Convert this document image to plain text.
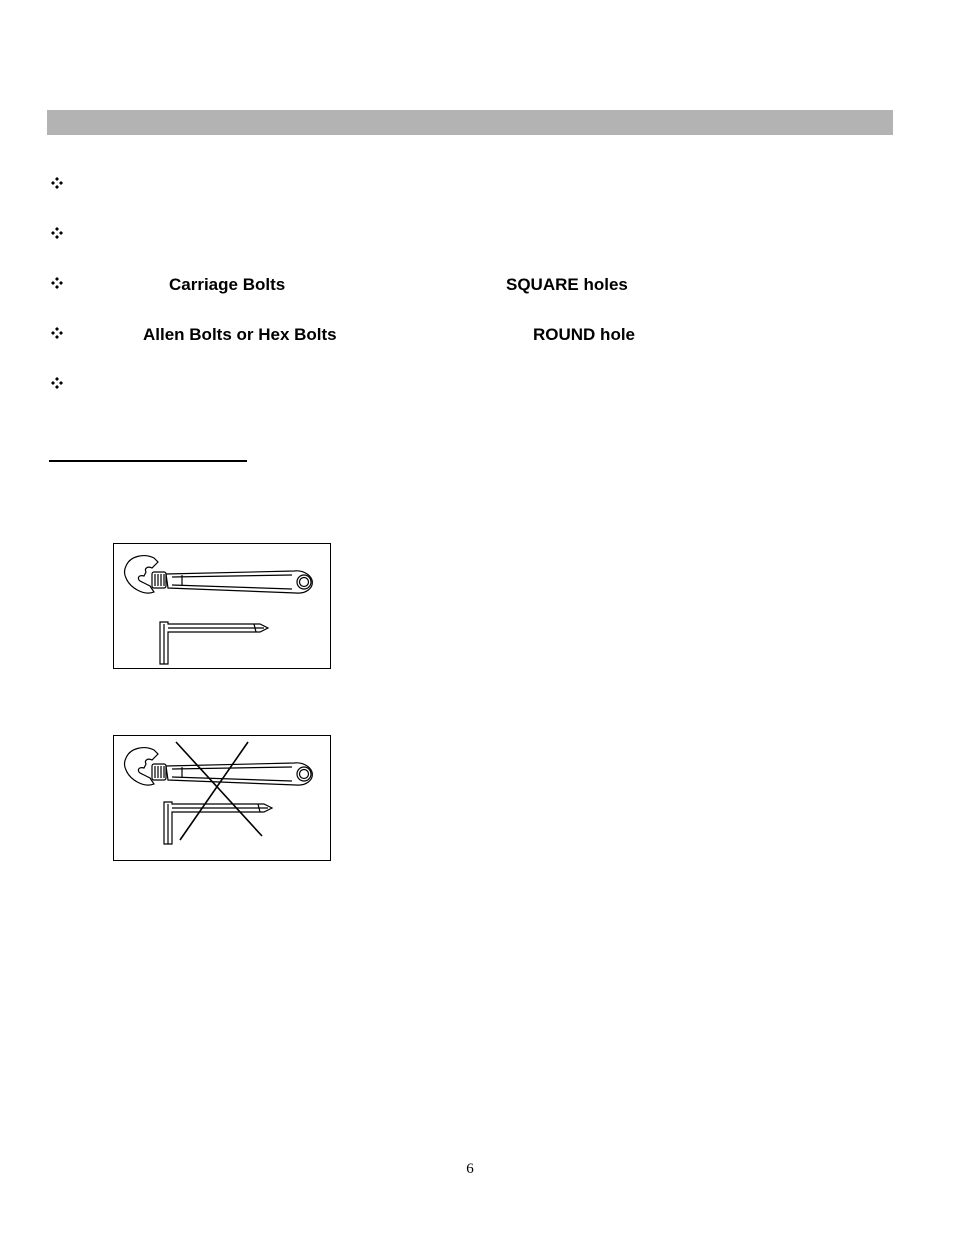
Carriage Bolts	SQUARE holes
Allen Bolts or Hex Bolts	ROUND hole
6
